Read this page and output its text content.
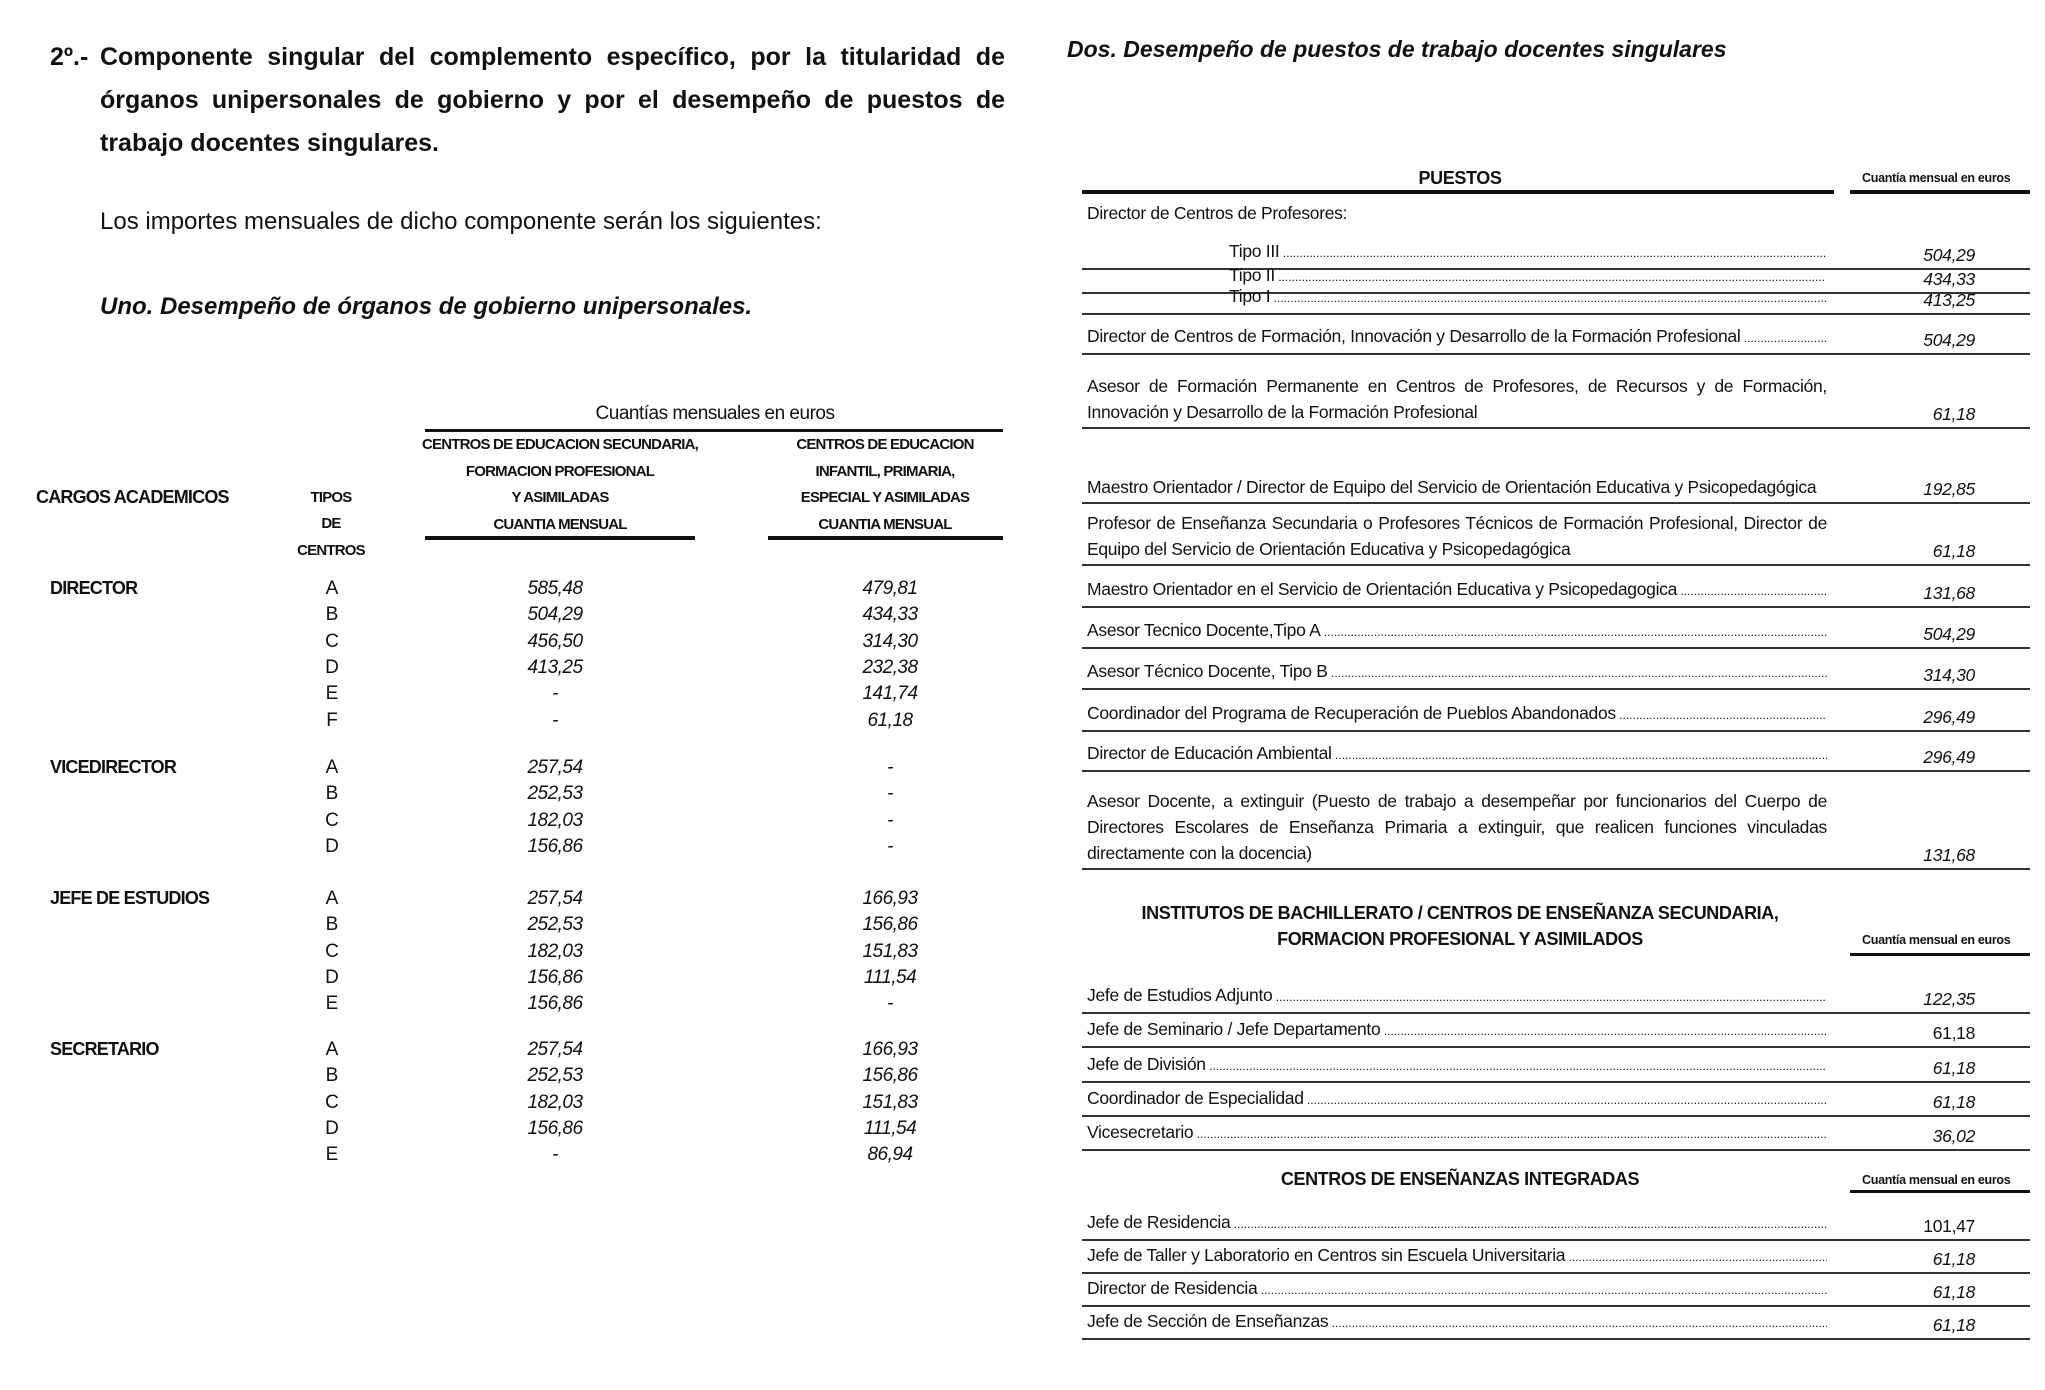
2º.- Componente singular del complemento específico, por la titularidad de órganos unipersonales de gobierno y por el desempeño de puestos de trabajo docentes singulares.
Los importes mensuales de dicho componente serán los siguientes:
Uno. Desempeño de órganos de gobierno unipersonales.
Cuantías mensuales en euros
CARGOS ACADEMICOS	TIPOS
DE
CENTROS
CENTROS DE EDUCACION SECUNDARIA,
FORMACION PROFESIONAL
Y ASIMILADAS
CUANTIA MENSUAL
CENTROS DE EDUCACION
INFANTIL, PRIMARIA,
ESPECIAL Y ASIMILADAS
CUANTIA MENSUAL
DIRECTOR	A	585,48	479,81
B	504,29	434,33
C	456,50	314,30
D	413,25	232,38
E	-	141,74
F	-	61,18
VICEDIRECTOR	A	257,54	-
B	252,53	-
C	182,03	-
D	156,86	-
JEFE DE ESTUDIOS	A	257,54	166,93
B	252,53	156,86
C	182,03	151,83
D	156,86	111,54
E	156,86	-
SECRETARIO	A	257,54	166,93
B	252,53	156,86
C	182,03	151,83
D	156,86	111,54
E	-	86,94
Dos. Desempeño de puestos de trabajo docentes singulares
PUESTOS	Cuantía mensual en euros
Director de Centros de Profesores:
Tipo III .....	504,29
Tipo II .....	434,33
Tipo I .....	413,25
Director de Centros de Formación, Innovación y Desarrollo de la Formación Profesional .....	504,29
Asesor de Formación Permanente en Centros de Profesores, de Recursos y de Formación, Innovación y Desarrollo de la Formación Profesional	61,18
Maestro Orientador / Director de Equipo del Servicio de Orientación Educativa y Psicopedagógica	192,85
Profesor de Enseñanza Secundaria o Profesores Técnicos de Formación Profesional, Director de Equipo del Servicio de Orientación Educativa y Psicopedagógica	61,18
Maestro Orientador en el Servicio de Orientación Educativa y Psicopedagogica .....	131,68
Asesor Tecnico Docente,Tipo A .....	504,29
Asesor Técnico Docente, Tipo B .....	314,30
Coordinador del Programa de Recuperación de Pueblos Abandonados .....	296,49
Director de Educación Ambiental .....	296,49
Asesor Docente, a extinguir (Puesto de trabajo a desempeñar por funcionarios del Cuerpo de Directores Escolares de Enseñanza Primaria a extinguir, que realicen funciones vinculadas directamente con la docencia)	131,68
INSTITUTOS DE BACHILLERATO / CENTROS DE ENSEÑANZA SECUNDARIA,
FORMACION PROFESIONAL Y ASIMILADOS	Cuantía mensual en euros
Jefe de Estudios Adjunto .....	122,35
Jefe de Seminario / Jefe Departamento .....	61,18
Jefe de División .....	61,18
Coordinador de Especialidad .....	61,18
Vicesecretario .....	36,02
CENTROS DE ENSEÑANZAS INTEGRADAS	Cuantía mensual en euros
Jefe de Residencia .....	101,47
Jefe de Taller y Laboratorio en Centros sin Escuela Universitaria .....	61,18
Director de Residencia .....	61,18
Jefe de Sección de Enseñanzas .....	61,18
